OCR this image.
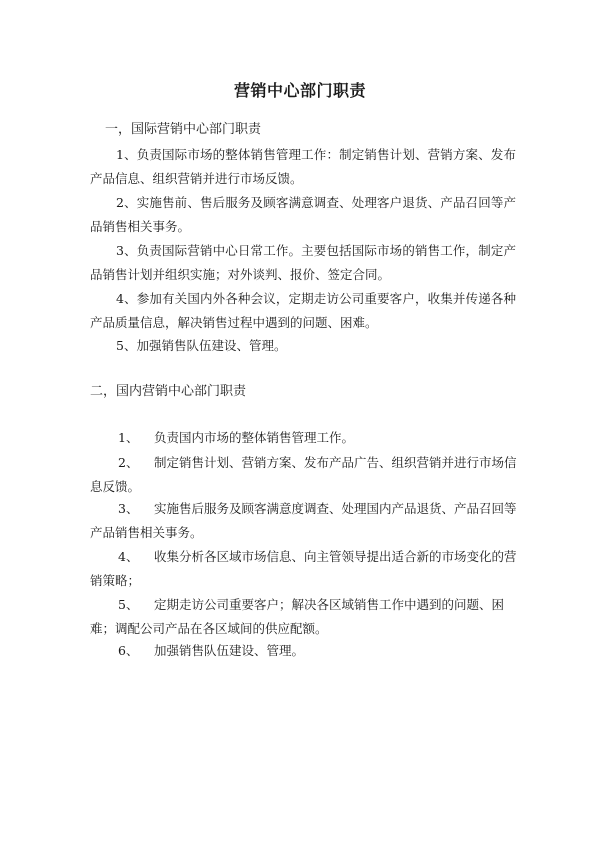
营销中心部门职责
一，国际营销中心部门职责

1、负责国际市场的整体销售管理工作：制定销售计划、营销方案、发布产品信息、组织营销并进行市场反馈。

2、实施售前、售后服务及顾客满意调查、处理客户退货、产品召回等产品销售相关事务。

3、负责国际营销中心日常工作。主要包括国际市场的销售工作，制定产品销售计划并组织实施；对外谈判、报价、签定合同。

4、参加有关国内外各种会议，定期走访公司重要客户，收集并传递各种产品质量信息，解决销售过程中遇到的问题、困难。

5、加强销售队伍建设、管理。

二，国内营销中心部门职责

1、 负责国内市场的整体销售管理工作。

2、 制定销售计划、营销方案、发布产品广告、组织营销并进行市场信息反馈。

3、 实施售后服务及顾客满意度调查、处理国内产品退货、产品召回等产品销售相关事务。

4、 收集分析各区域市场信息、向主管领导提出适合新的市场变化的营销策略；

5、 定期走访公司重要客户；解决各区域销售工作中遇到的问题、困难；调配公司产品在各区域间的供应配额。

6、 加强销售队伍建设、管理。
